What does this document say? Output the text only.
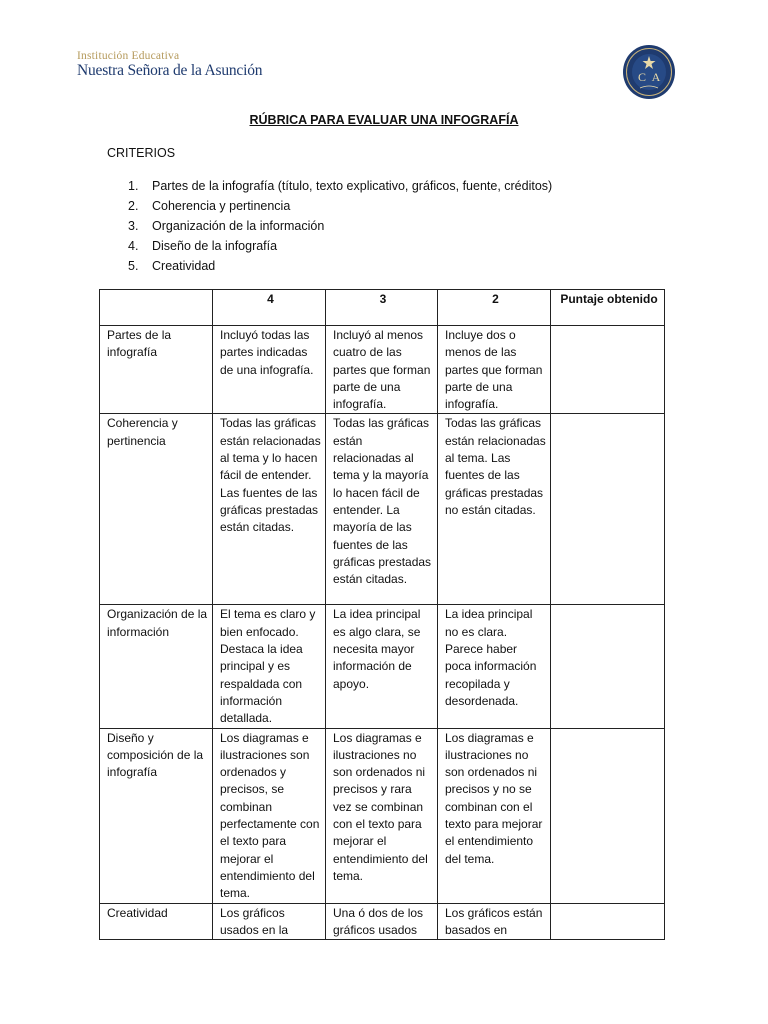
Institución Educativa
Nuestra Señora de la Asunción	C A
RÚBRICA PARA EVALUAR UNA INFOGRAFÍA
CRITERIOS
1. Partes de la infografía (título, texto explicativo, gráficos, fuente, créditos)
2. Coherencia y pertinencia
3. Organización de la información
4. Diseño de la infografía
5. Creatividad
	4	3	2	Puntaje obtenido
Partes de la infografía	Incluyó todas las partes indicadas de una infografía.	Incluyó al menos cuatro de las partes que forman parte de una infografía.	Incluye dos o menos de las partes que forman parte de una infografía.	
Coherencia y pertinencia	Todas las gráficas están relacionadas al tema y lo hacen fácil de entender. Las fuentes de las gráficas prestadas están citadas.	Todas las gráficas están relacionadas al tema y la mayoría lo hacen fácil de entender. La mayoría de las fuentes de las gráficas prestadas están citadas.	Todas las gráficas están relacionadas al tema. Las fuentes de las gráficas prestadas no están citadas.	
Organización de la información	El tema es claro y bien enfocado. Destaca la idea principal y es respaldada con información detallada.	La idea principal es algo clara, se necesita mayor información de apoyo.	La idea principal no es clara. Parece haber poca información recopilada y desordenada.	
Diseño y composición de la infografía	Los diagramas e ilustraciones son ordenados y precisos, se combinan perfectamente con el texto para mejorar el entendimiento del tema.	Los diagramas e ilustraciones no son ordenados ni precisos y rara vez se combinan con el texto para mejorar el entendimiento del tema.	Los diagramas e ilustraciones no son ordenados ni precisos y no se combinan con el texto para mejorar el entendimiento del tema.	
Creatividad	Los gráficos usados en la	Una ó dos de los gráficos usados	Los gráficos están basados en	
